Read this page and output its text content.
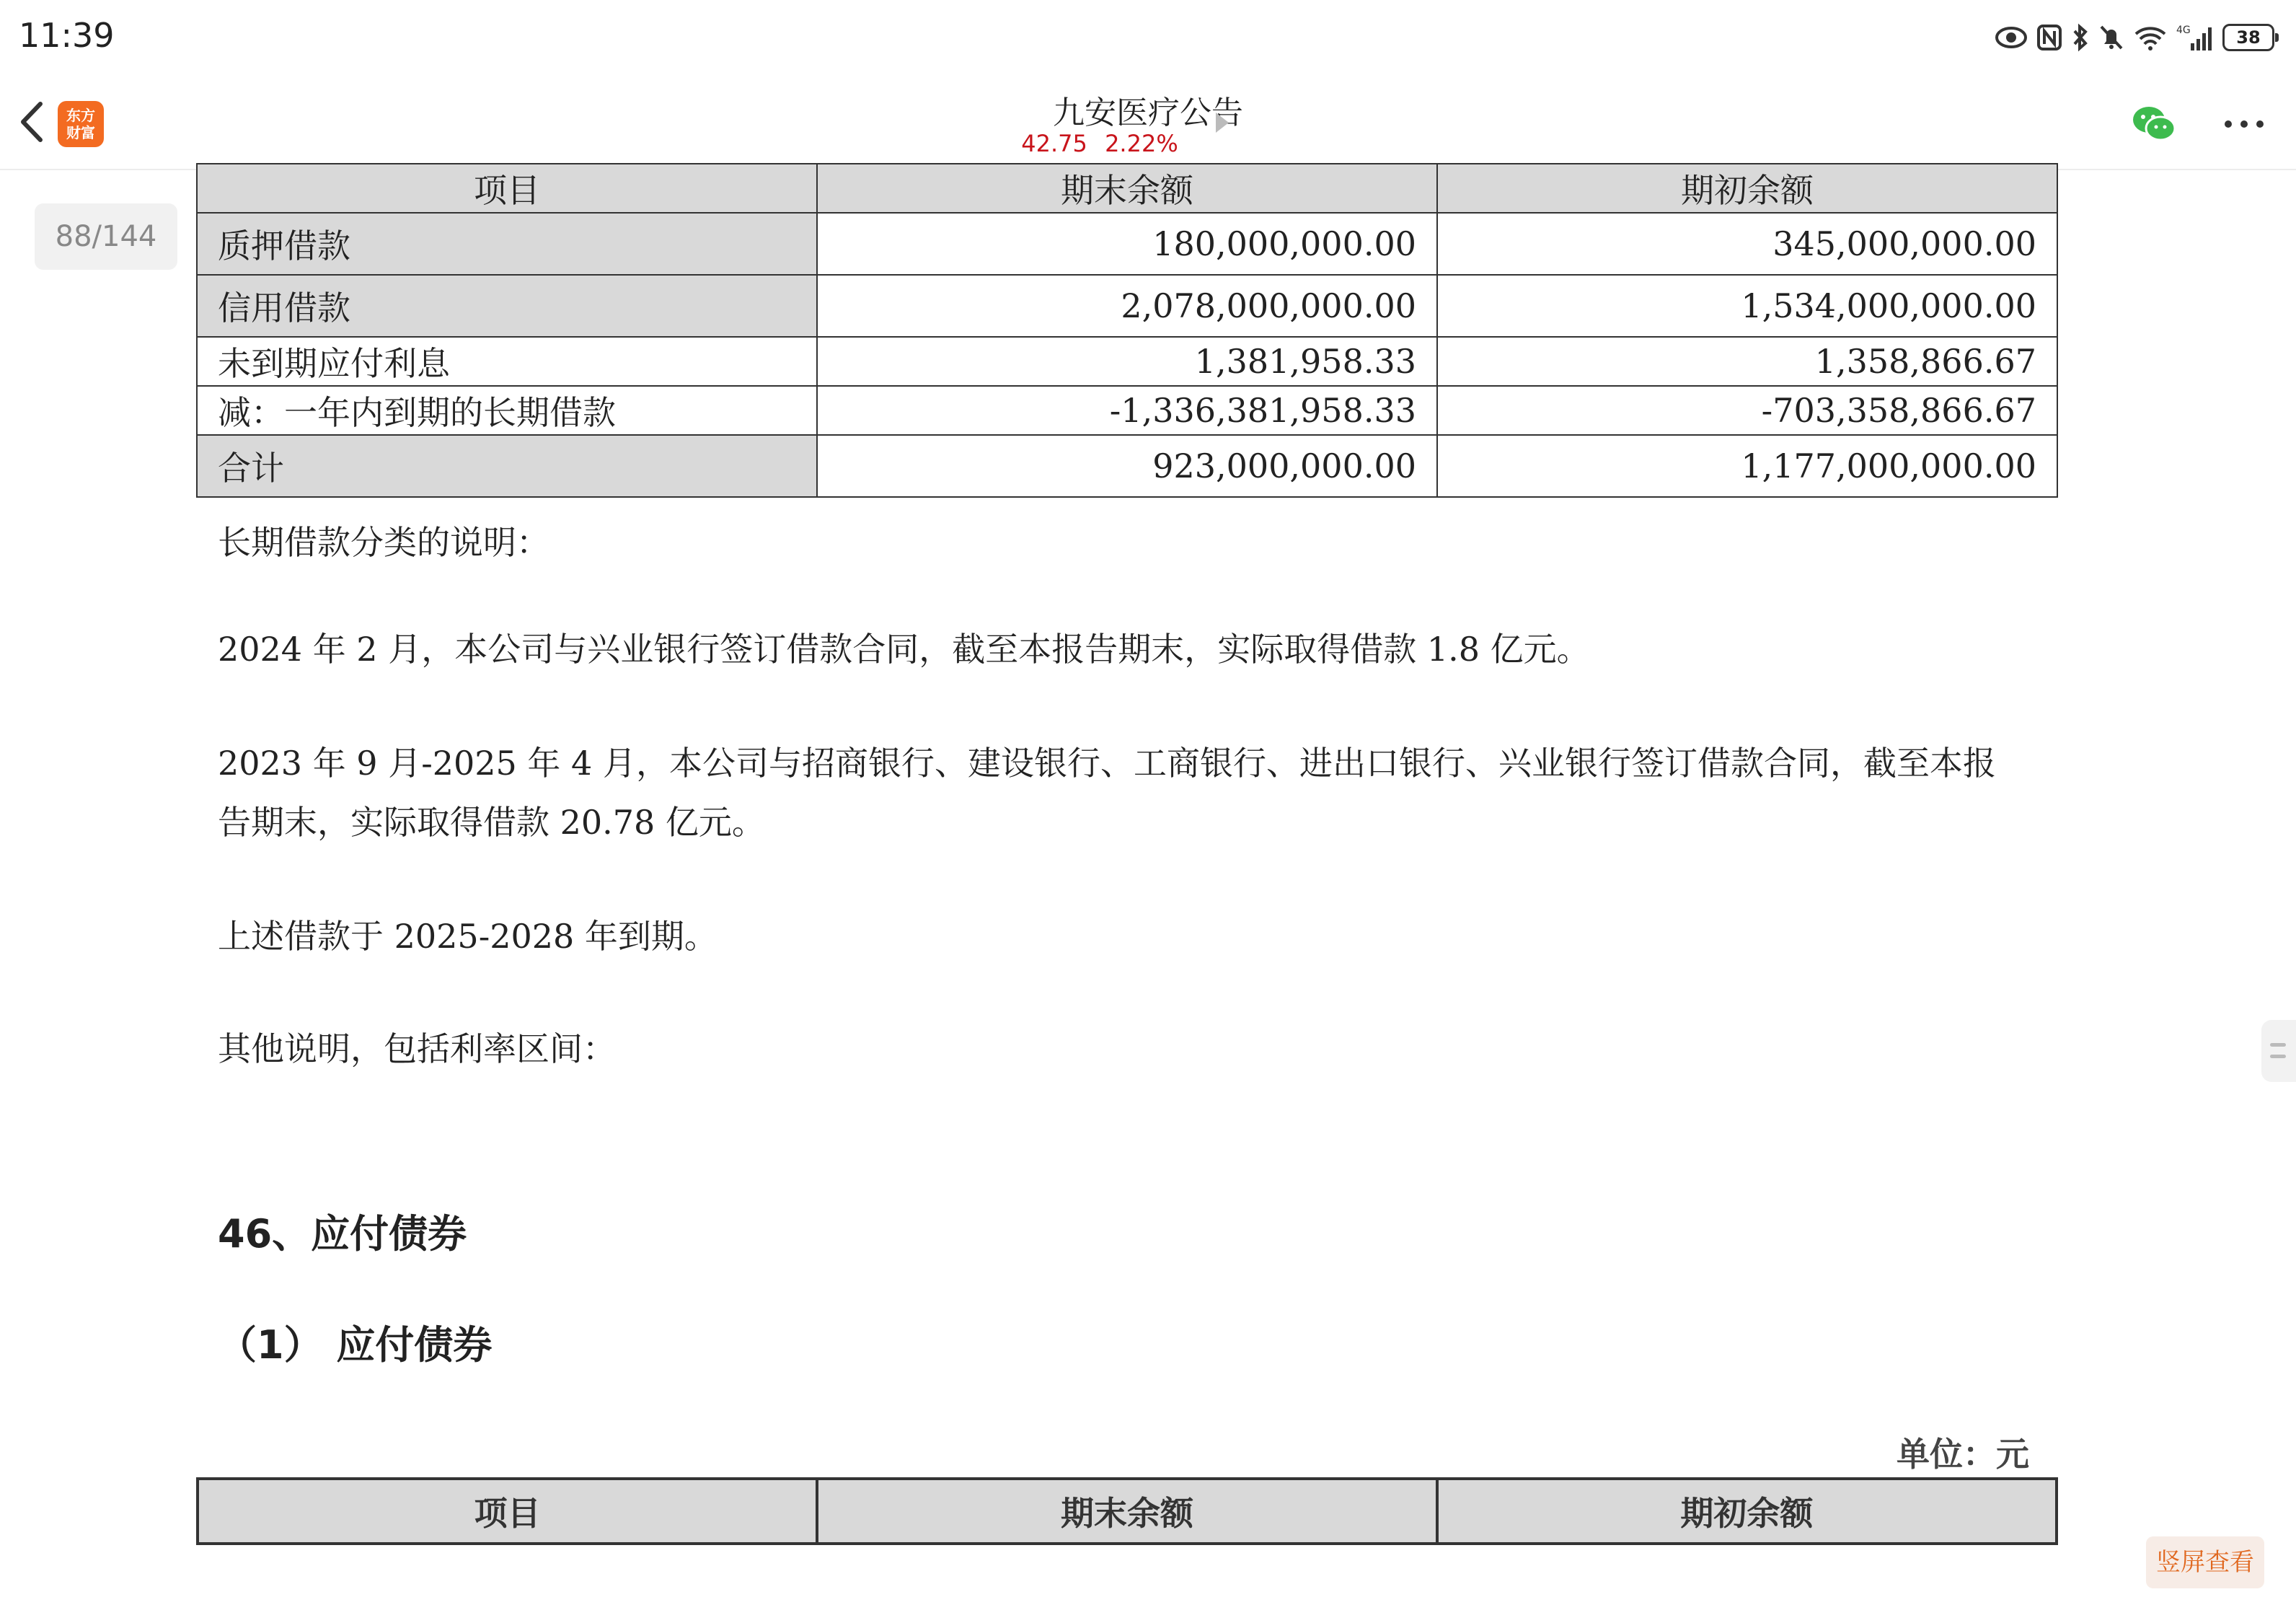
11:39	4G	38
东方
财富
九安医疗公告
42.75 2.22%
88/144
项目	期末余额	期初余额
质押借款	180,000,000.00	345,000,000.00
信用借款	2,078,000,000.00	1,534,000,000.00
未到期应付利息	1,381,958.33	1,358,866.67
减：一年内到期的长期借款	-1,336,381,958.33	-703,358,866.67
合计	923,000,000.00	1,177,000,000.00
长期借款分类的说明：
2024 年 2 月，本公司与兴业银行签订借款合同，截至本报告期末，实际取得借款 1.8 亿元。
2023 年 9 月-2025 年 4 月，本公司与招商银行、建设银行、工商银行、进出口银行、兴业银行签订借款合同，截至本报
告期末，实际取得借款 20.78 亿元。
上述借款于 2025-2028 年到期。
其他说明，包括利率区间：
46、应付债券
（1） 应付债券
单位：元
项目	期末余额	期初余额
竖屏查看
